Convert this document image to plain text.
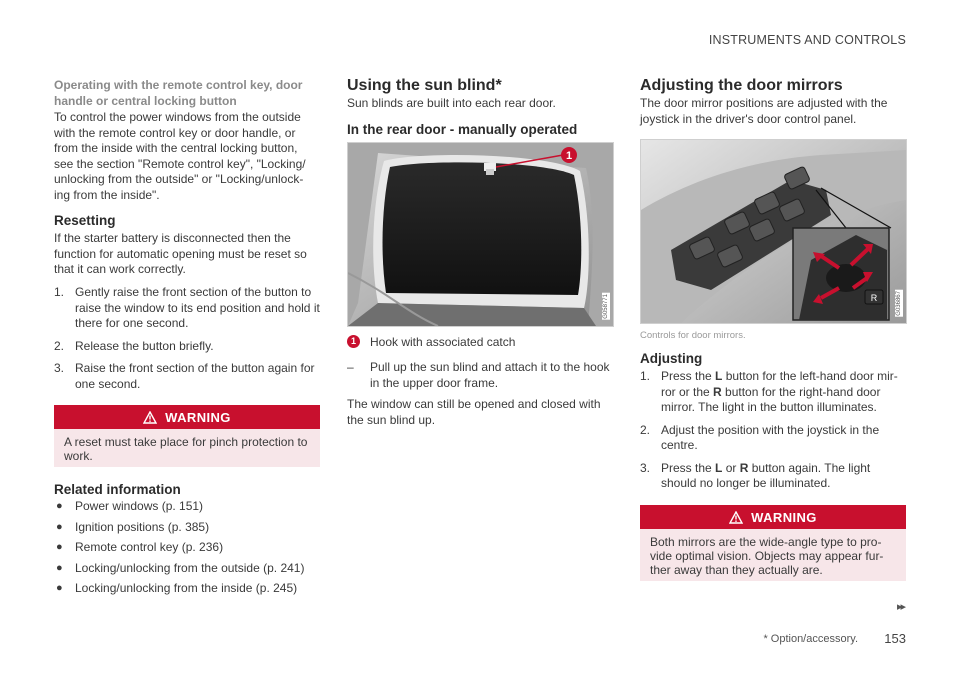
INSTRUMENTS AND CONTROLS

Operating with the remote control key, door handle or central locking button

To control the power windows from the outside with the remote control key or door handle, or from the inside with the central locking button, see the section "Remote control key", "Locking/ unlocking from the outside" or "Locking/unlock- ing from the inside".

Resetting

If the starter battery is disconnected then the function for automatic opening must be reset so that it can work correctly.

1. Gently raise the front section of the button to raise the window to its end position and hold it there for one second.
2. Release the button briefly.
3. Raise the front section of the button again for one second.
WARNING
A reset must take place for pinch protection to work.
Related information
● Power windows (p. 151)
● Ignition positions (p. 385)
● Remote control key (p. 236)
● Locking/unlocking from the outside (p. 241)
● Locking/unlocking from the inside (p. 245)
Using the sun blind*

Sun blinds are built into each rear door.

In the rear door - manually operated
1
G058771
1	Hook with associated catch
– Pull up the sun blind and attach it to the hook in the upper door frame.

The window can still be opened and closed with the sun blind up.

Adjusting the door mirrors

The door mirror positions are adjusted with the joystick in the driver's door control panel.

R	G036867
Controls for door mirrors.
Adjusting
1. Press the L button for the left-hand door mir- ror or the R button for the right-hand door mirror. The light in the button illuminates.
2. Adjust the position with the joystick in the centre.
3. Press the L or R button again. The light should no longer be illuminated.
WARNING
Both mirrors are the wide-angle type to pro- vide optimal vision. Objects may appear fur- ther away than they actually are.
▸▸
* Option/accessory. 153
